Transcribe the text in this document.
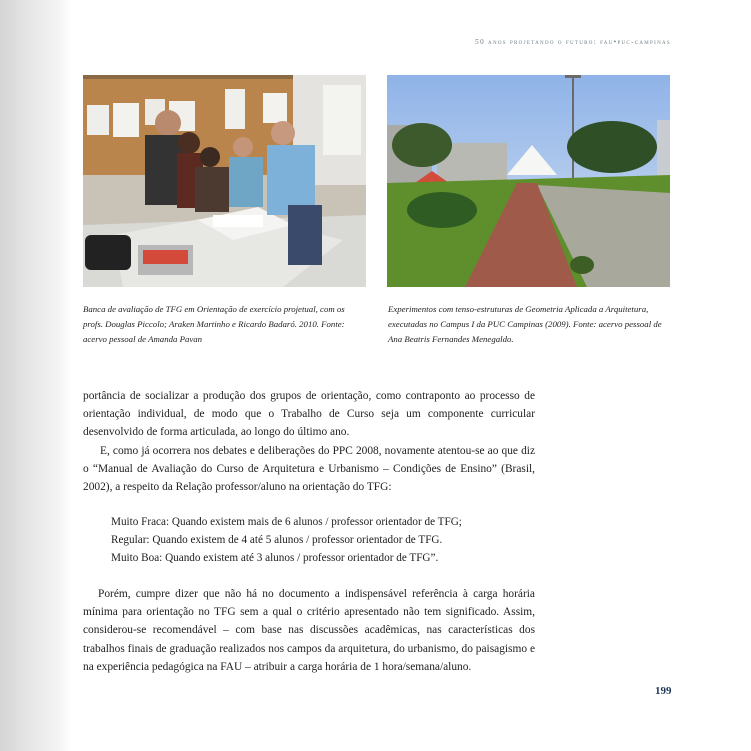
50 anos projetando o futuro: fau•puc-campinas

Banca de avaliação de TFG em Orientação de exercício projetual, com os profs. Douglas Piccolo; Araken Martinho e Ricardo Badaró. 2010. Fonte: acervo pessoal de Amanda Pavan

Experimentos com tenso-estruturas de Geometria Aplicada a Arquitetura, executadas no Campus I da PUC Campinas (2009). Fonte: acervo pessoal de Ana Beatris Fernandes Menegaldo.

portância de socializar a produção dos grupos de orientação, como contraponto ao processo de orientação individual, de modo que o Trabalho de Curso seja um componente curricular desenvolvido de forma articulada, ao longo do último ano.

E, como já ocorrera nos debates e deliberações do PPC 2008, novamente atentou-se ao que diz o “Manual de Avaliação do Curso de Arquitetura e Urbanismo – Condições de Ensino” (Brasil, 2002), a respeito da Relação professor/aluno na orientação do TFG:

Muito Fraca: Quando existem mais de 6 alunos / professor orientador de TFG;
Regular: Quando existem de 4 até 5 alunos / professor orientador de TFG.
Muito Boa: Quando existem até 3 alunos / professor orientador de TFG”.

Porém, cumpre dizer que não há no documento a indispensável referência à carga horária mínima para orientação no TFG sem a qual o critério apresentado não tem significado. Assim, considerou-se recomendável – com base nas discussões acadêmicas, nas características dos trabalhos finais de graduação realizados nos campos da arquitetura, do urbanismo, do paisagismo e na experiência pedagógica na FAU – atribuir a carga horária de 1 hora/semana/aluno.

199
